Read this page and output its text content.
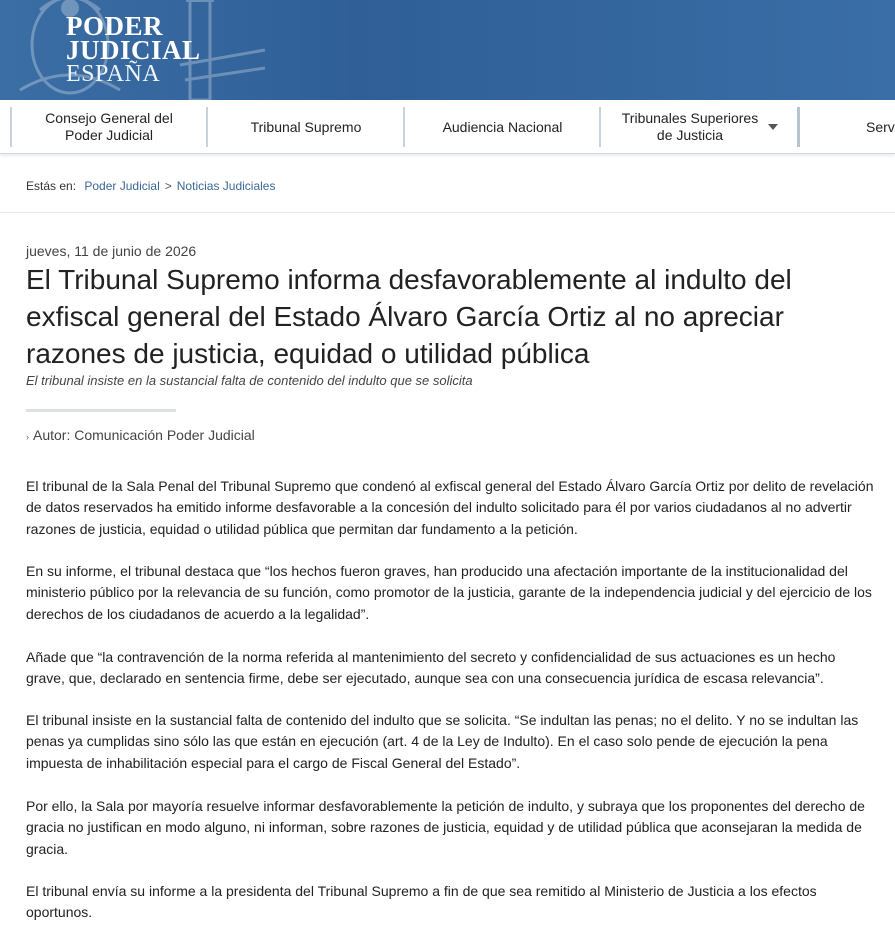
PODER
JUDICIAL
ESPAÑA
Consejo General del Poder Judicial
Tribunal Supremo	Audiencia Nacional
Tribunales Superiores de Justicia
Serv
Estás en: Poder Judicial > Noticias Judiciales
jueves, 11 de junio de 2026
El Tribunal Supremo informa desfavorablemente al indulto del exfiscal general del Estado Álvaro García Ortiz al no apreciar razones de justicia, equidad o utilidad pública
El tribunal insiste en la sustancial falta de contenido del indulto que se solicita
› Autor: Comunicación Poder Judicial

El tribunal de la Sala Penal del Tribunal Supremo que condenó al exfiscal general del Estado Álvaro García Ortiz por delito de revelación de datos reservados ha emitido informe desfavorable a la concesión del indulto solicitado para él por varios ciudadanos al no advertir razones de justicia, equidad o utilidad pública que permitan dar fundamento a la petición.

En su informe, el tribunal destaca que “los hechos fueron graves, han producido una afectación importante de la institucionalidad del ministerio público por la relevancia de su función, como promotor de la justicia, garante de la independencia judicial y del ejercicio de los derechos de los ciudadanos de acuerdo a la legalidad”.

Añade que “la contravención de la norma referida al mantenimiento del secreto y confidencialidad de sus actuaciones es un hecho grave, que, declarado en sentencia firme, debe ser ejecutado, aunque sea con una consecuencia jurídica de escasa relevancia”.

El tribunal insiste en la sustancial falta de contenido del indulto que se solicita. “Se indultan las penas; no el delito. Y no se indultan las penas ya cumplidas sino sólo las que están en ejecución (art. 4 de la Ley de Indulto). En el caso solo pende de ejecución la pena impuesta de inhabilitación especial para el cargo de Fiscal General del Estado”.

Por ello, la Sala por mayoría resuelve informar desfavorablemente la petición de indulto, y subraya que los proponentes del derecho de gracia no justifican en modo alguno, ni informan, sobre razones de justicia, equidad y de utilidad pública que aconsejaran la medida de gracia.

El tribunal envía su informe a la presidenta del Tribunal Supremo a fin de que sea remitido al Ministerio de Justicia a los efectos oportunos.
